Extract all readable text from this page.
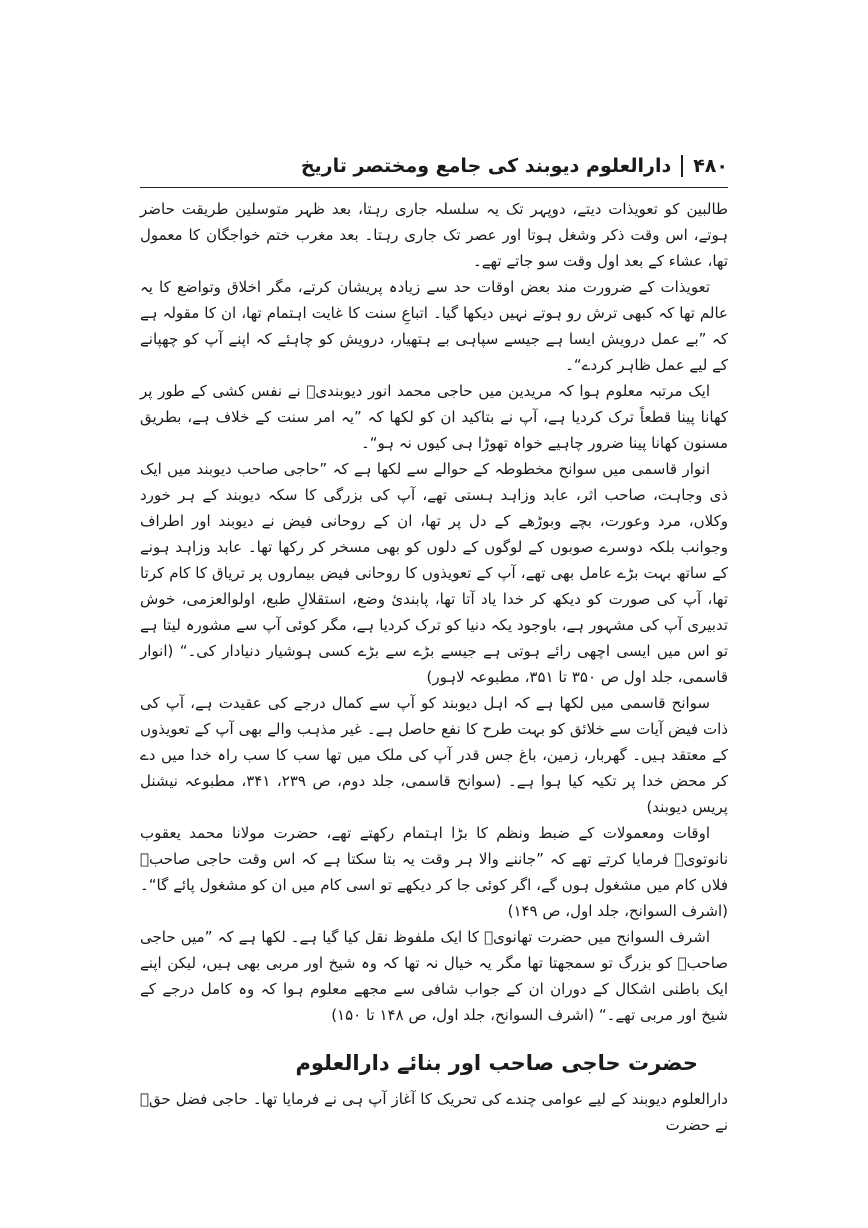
۴۸۰
دارالعلوم دیوبند کی جامع ومختصر تاریخ

طالبین کو تعویذات دیتے، دوپہر تک یہ سلسلہ جاری رہتا، بعد ظہر متوسلین طریقت حاضر ہوتے، اس وقت ذکر وشغل ہوتا اور عصر تک جاری رہتا۔ بعد مغرب ختم خواجگان کا معمول تھا، عشاء کے بعد اول وقت سو جاتے تھے۔

تعویذات کے ضرورت مند بعض اوقات حد سے زیادہ پریشان کرتے، مگر اخلاق وتواضع کا یہ عالم تھا کہ کبھی ترش رو ہوتے نہیں دیکھا گیا۔ اتباعِ سنت کا غایت اہتمام تھا، ان کا مقولہ ہے کہ ”بے عمل درویش ایسا ہے جیسے سپاہی بے ہتھیار، درویش کو چاہئے کہ اپنے آپ کو چھپانے کے لیے عمل ظاہر کردے“۔

ایک مرتبہ معلوم ہوا کہ مریدین میں حاجی محمد انور دیوبندیؒ نے نفس کشی کے طور پر کھانا پینا قطعاً ترک کردیا ہے، آپ نے بتاکید ان کو لکھا کہ ”یہ امر سنت کے خلاف ہے، بطریق مسنون کھانا پینا ضرور چاہیے خواہ تھوڑا ہی کیوں نہ ہو“۔

انوار قاسمی میں سوانح مخطوطہ کے حوالے سے لکھا ہے کہ ”حاجی صاحب دیوبند میں ایک ذی وجاہت، صاحب اثر، عابد وزاہد ہستی تھے، آپ کی بزرگی کا سکہ دیوبند کے ہر خورد وکلاں، مرد وعورت، بچے وبوڑھے کے دل پر تھا، ان کے روحانی فیض نے دیوبند اور اطراف وجوانب بلکہ دوسرے صوبوں کے لوگوں کے دلوں کو بھی مسخر کر رکھا تھا۔ عابد وزاہد ہونے کے ساتھ بہت بڑے عامل بھی تھے، آپ کے تعویذوں کا روحانی فیض بیماروں پر تریاق کا کام کرتا تھا، آپ کی صورت کو دیکھ کر خدا یاد آتا تھا، پابندیٔ وضع، استقلالِ طبع، اولوالعزمی، خوش تدبیری آپ کی مشہور ہے، باوجود یکہ دنیا کو ترک کردیا ہے، مگر کوئی آپ سے مشورہ لیتا ہے تو اس میں ایسی اچھی رائے ہوتی ہے جیسے بڑے سے بڑے کسی ہوشیار دنیادار کی۔“ (انوار قاسمی، جلد اول ص ۳۵۰ تا ۳۵۱، مطبوعہ لاہور)

سوانح قاسمی میں لکھا ہے کہ اہل دیوبند کو آپ سے کمال درجے کی عقیدت ہے، آپ کی ذات فیض آیات سے خلائق کو بہت طرح کا نفع حاصل ہے۔ غیر مذہب والے بھی آپ کے تعویذوں کے معتقد ہیں۔ گھربار، زمین، باغ جس قدر آپ کی ملک میں تھا سب کا سب راہ خدا میں دے کر محض خدا پر تکیہ کیا ہوا ہے۔ (سوانح قاسمی، جلد دوم، ص ۲۳۹، ۳۴۱، مطبوعہ نیشنل پریس دیوبند)

اوقات ومعمولات کے ضبط ونظم کا بڑا اہتمام رکھتے تھے، حضرت مولانا محمد یعقوب نانوتویؒ فرمایا کرتے تھے کہ ”جاننے والا ہر وقت یہ بتا سکتا ہے کہ اس وقت حاجی صاحبؒ فلاں کام میں مشغول ہوں گے، اگر کوئی جا کر دیکھے تو اسی کام میں ان کو مشغول پائے گا“۔ (اشرف السوانح، جلد اول، ص ۱۴۹)

اشرف السوانح میں حضرت تھانویؒ کا ایک ملفوظ نقل کیا گیا ہے۔ لکھا ہے کہ ”میں حاجی صاحبؒ کو بزرگ تو سمجھتا تھا مگر یہ خیال نہ تھا کہ وہ شیخ اور مربی بھی ہیں، لیکن اپنے ایک باطنی اشکال کے دوران ان کے جواب شافی سے مجھے معلوم ہوا کہ وہ کامل درجے کے شیخ اور مربی تھے۔“ (اشرف السوانح، جلد اول، ص ۱۴۸ تا ۱۵۰)

حضرت حاجی صاحب اور بنائے دارالعلوم

دارالعلوم دیوبند کے لیے عوامی چندے کی تحریک کا آغاز آپ ہی نے فرمایا تھا۔ حاجی فضل حقؒ نے حضرت
